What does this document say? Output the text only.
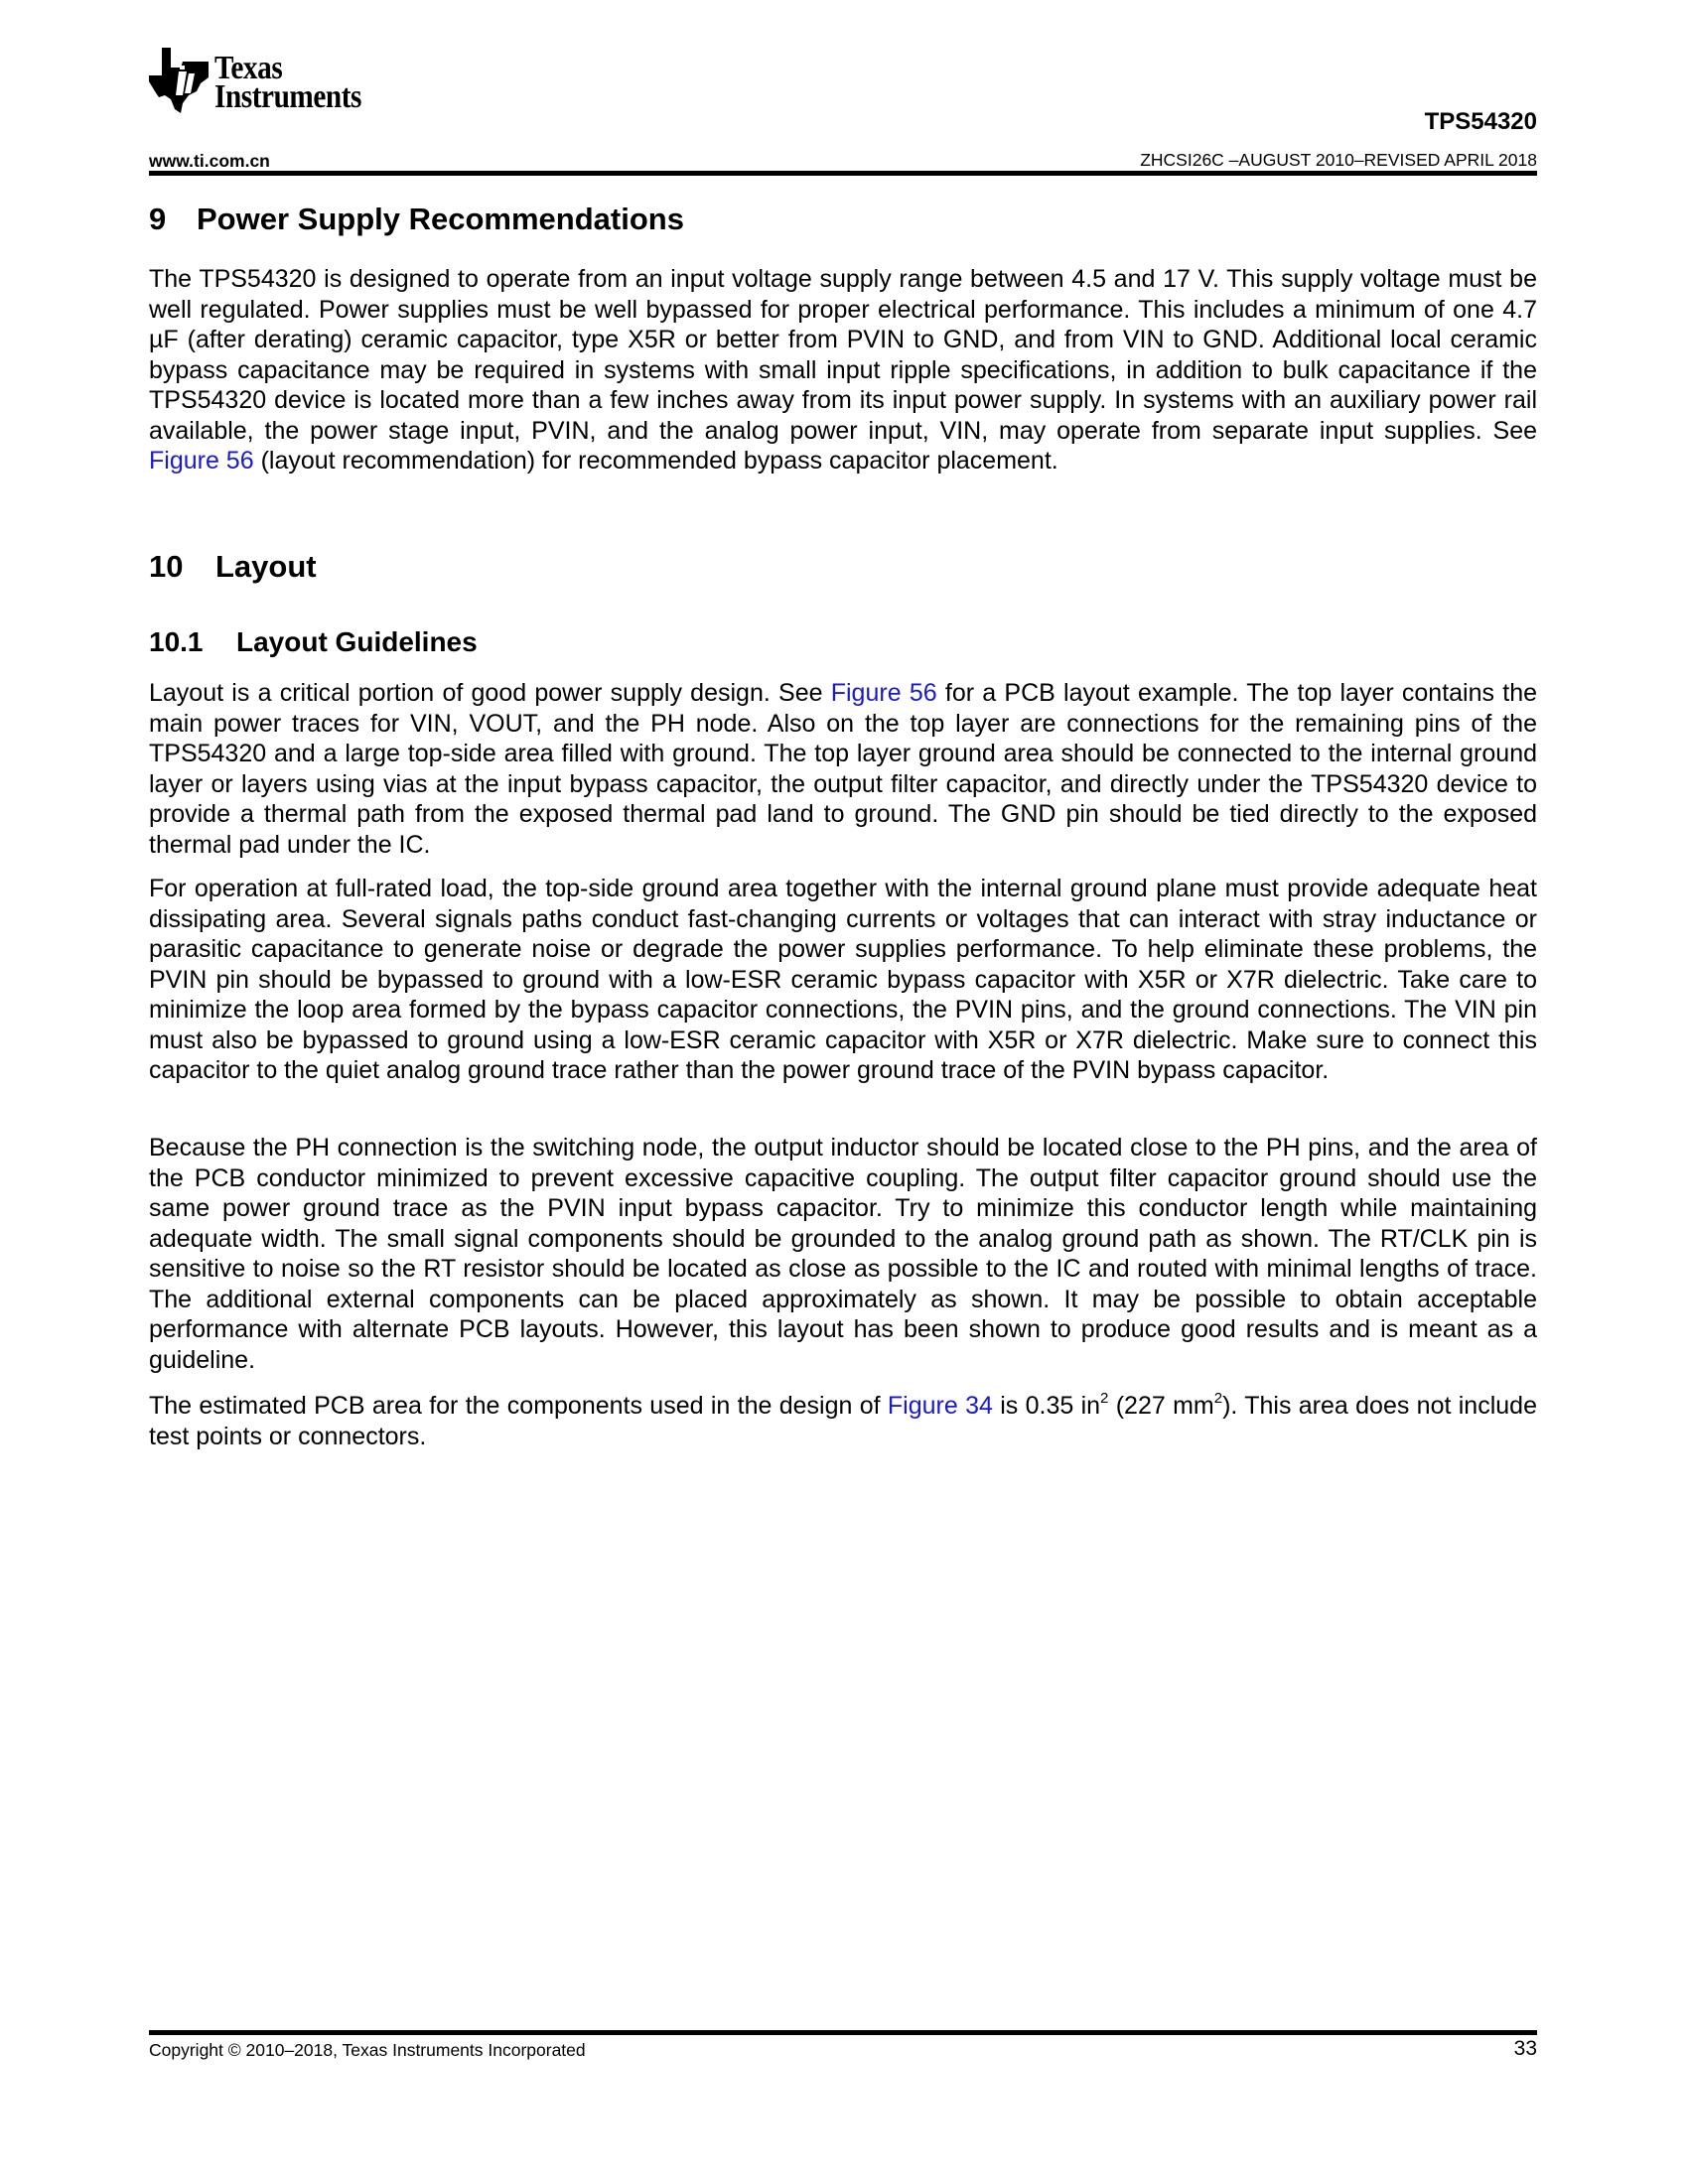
Texas
Instruments
TPS54320
www.ti.com.cn	ZHCSI26C –AUGUST 2010–REVISED APRIL 2018
9 Power Supply Recommendations

The TPS54320 is designed to operate from an input voltage supply range between 4.5 and 17 V. This supply voltage must be well regulated. Power supplies must be well bypassed for proper electrical performance. This includes a minimum of one 4.7 µF (after derating) ceramic capacitor, type X5R or better from PVIN to GND, and from VIN to GND. Additional local ceramic bypass capacitance may be required in systems with small input ripple specifications, in addition to bulk capacitance if the TPS54320 device is located more than a few inches away from its input power supply. In systems with an auxiliary power rail available, the power stage input, PVIN, and the analog power input, VIN, may operate from separate input supplies. See Figure 56 (layout recommendation) for recommended bypass capacitor placement.

10 Layout
10.1 Layout Guidelines

Layout is a critical portion of good power supply design. See Figure 56 for a PCB layout example. The top layer contains the main power traces for VIN, VOUT, and the PH node. Also on the top layer are connections for the remaining pins of the TPS54320 and a large top-side area filled with ground. The top layer ground area should be connected to the internal ground layer or layers using vias at the input bypass capacitor, the output filter capacitor, and directly under the TPS54320 device to provide a thermal path from the exposed thermal pad land to ground. The GND pin should be tied directly to the exposed thermal pad under the IC.

For operation at full-rated load, the top-side ground area together with the internal ground plane must provide adequate heat dissipating area. Several signals paths conduct fast-changing currents or voltages that can interact with stray inductance or parasitic capacitance to generate noise or degrade the power supplies performance. To help eliminate these problems, the PVIN pin should be bypassed to ground with a low-ESR ceramic bypass capacitor with X5R or X7R dielectric. Take care to minimize the loop area formed by the bypass capacitor connections, the PVIN pins, and the ground connections. The VIN pin must also be bypassed to ground using a low-ESR ceramic capacitor with X5R or X7R dielectric. Make sure to connect this capacitor to the quiet analog ground trace rather than the power ground trace of the PVIN bypass capacitor.

Because the PH connection is the switching node, the output inductor should be located close to the PH pins, and the area of the PCB conductor minimized to prevent excessive capacitive coupling. The output filter capacitor ground should use the same power ground trace as the PVIN input bypass capacitor. Try to minimize this conductor length while maintaining adequate width. The small signal components should be grounded to the analog ground path as shown. The RT/CLK pin is sensitive to noise so the RT resistor should be located as close as possible to the IC and routed with minimal lengths of trace. The additional external components can be placed approximately as shown. It may be possible to obtain acceptable performance with alternate PCB layouts. However, this layout has been shown to produce good results and is meant as a guideline.

The estimated PCB area for the components used in the design of Figure 34 is 0.35 $in^2$ (227 $mm^2$). This area does not include test points or connectors.

Copyright © 2010–2018, Texas Instruments Incorporated	33
